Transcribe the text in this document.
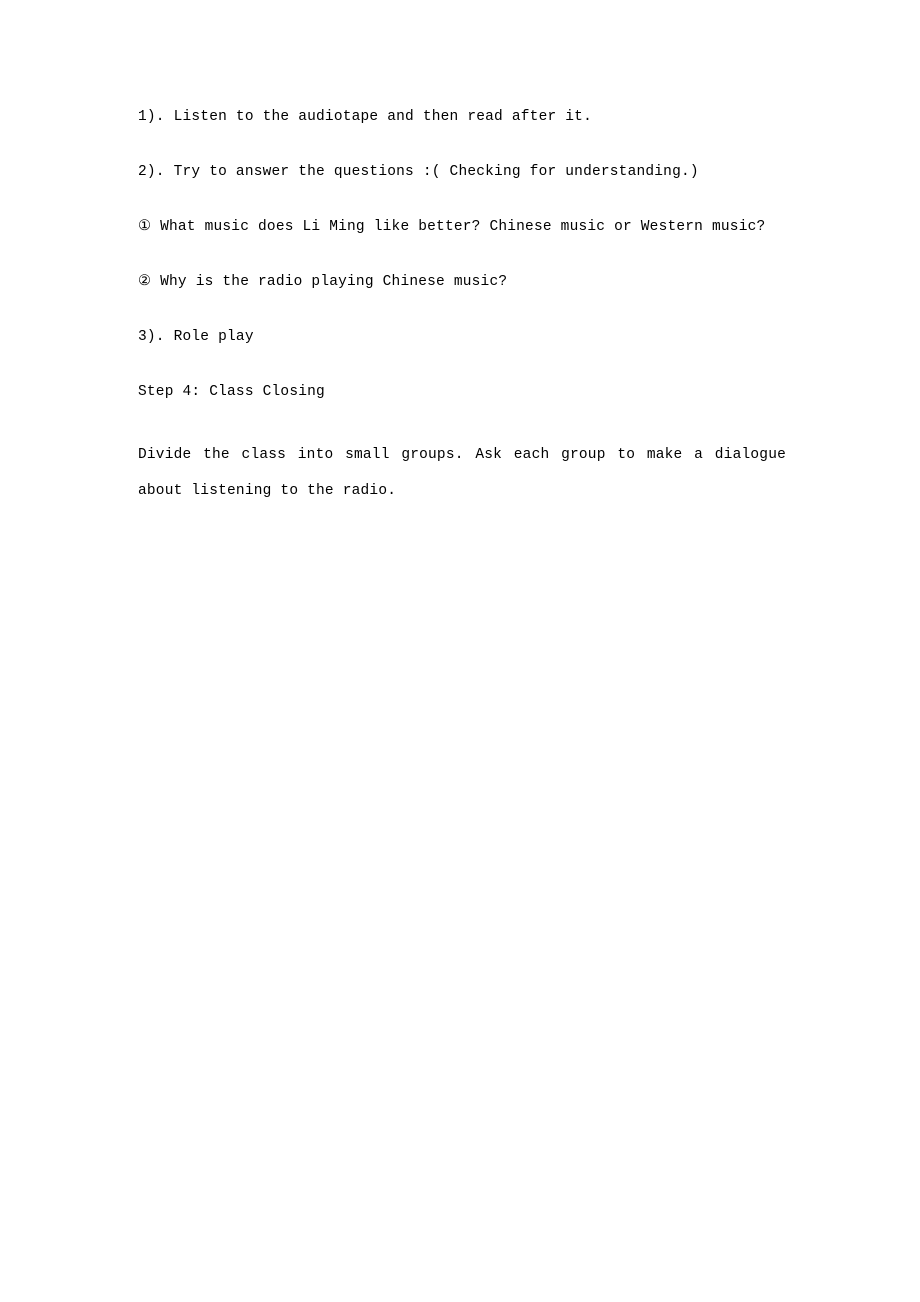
1). Listen to the audiotape and then read after it.

2). Try to answer the questions :( Checking for understanding.)

① What music does Li Ming like better? Chinese music or Western music?

② Why is the radio playing Chinese music?

3). Role play

Step 4: Class Closing

Divide the class into small groups. Ask each group to make a dialogue about listening to the radio.
